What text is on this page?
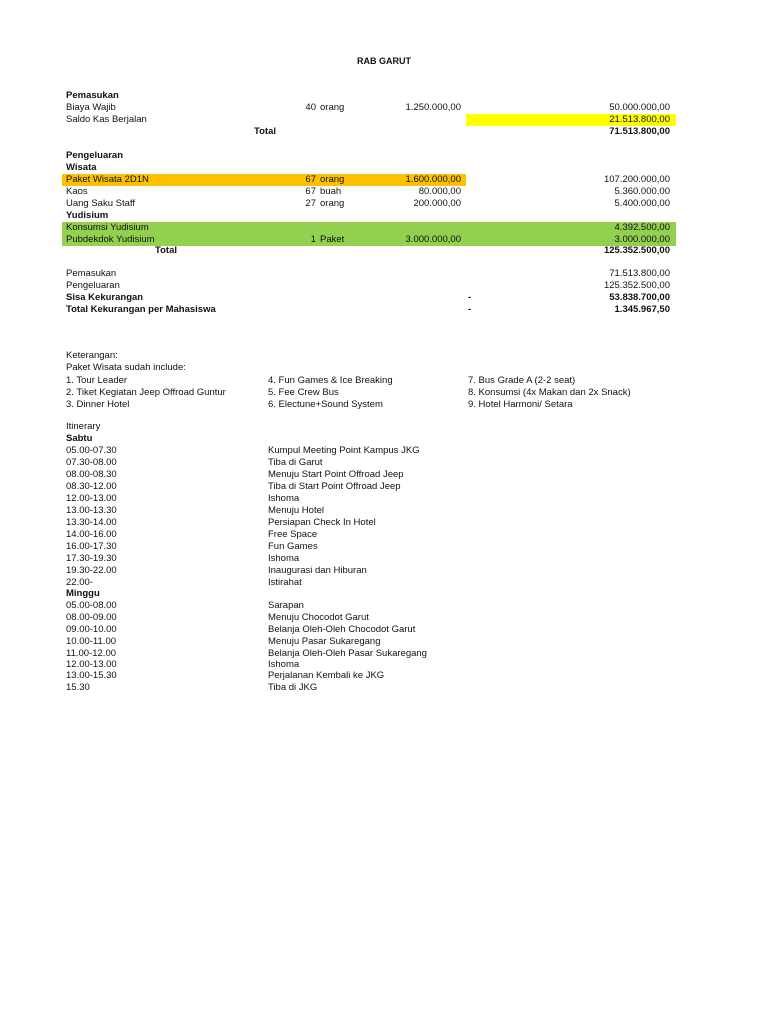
RAB GARUT
Pemasukan
Biaya Wajib	40 orang	1.250.000,00	50.000.000,00
Saldo Kas Berjalan	21.513.800,00
Total	71.513.800,00
Pengeluaran
Wisata
Paket Wisata 2D1N	67 orang	1.600.000,00	107.200.000,00
Kaos	67 buah	80.000,00	5.360.000,00
Uang Saku Staff	27 orang	200.000,00	5.400.000,00
Yudisium
Konsumsi Yudisium	4.392.500,00
Pubdekdok Yudisium	1 Paket	3.000.000,00	3.000.000,00
Total	125.352.500,00
Pemasukan	71.513.800,00
Pengeluaran	125.352.500,00
Sisa Kekurangan	-	53.838.700,00
Total Kekurangan per Mahasiswa	-	1.345.967,50
Keterangan:
Paket Wisata sudah include:
1. Tour Leader	4. Fun Games & Ice Breaking	7. Bus Grade A (2-2 seat)
2. Tiket Kegiatan Jeep Offroad Guntur	5. Fee Crew Bus	8. Konsumsi (4x Makan dan 2x Snack)
3. Dinner Hotel	6. Electune+Sound System	9. Hotel Harmoni/ Setara
Itinerary
Sabtu
05.00-07.30	Kumpul Meeting Point Kampus JKG
07.30-08.00	Tiba di Garut
08.00-08.30	Menuju Start Point Offroad Jeep
08.30-12.00	Tiba di Start Point Offroad Jeep
12.00-13.00	Ishoma
13.00-13.30	Menuju Hotel
13.30-14.00	Persiapan Check In Hotel
14.00-16.00	Free Space
16.00-17.30	Fun Games
17.30-19.30	Ishoma
19.30-22.00	Inaugurasi dan Hiburan
22.00-	Istirahat
Minggu
05.00-08.00	Sarapan
08.00-09.00	Menuju Chocodot Garut
09.00-10.00	Belanja Oleh-Oleh Chocodot Garut
10.00-11.00	Menuju Pasar Sukaregang
11.00-12.00	Belanja Oleh-Oleh Pasar Sukaregang
12.00-13.00	Ishoma
13.00-15.30	Perjalanan Kembali ke JKG
15.30	Tiba di JKG
